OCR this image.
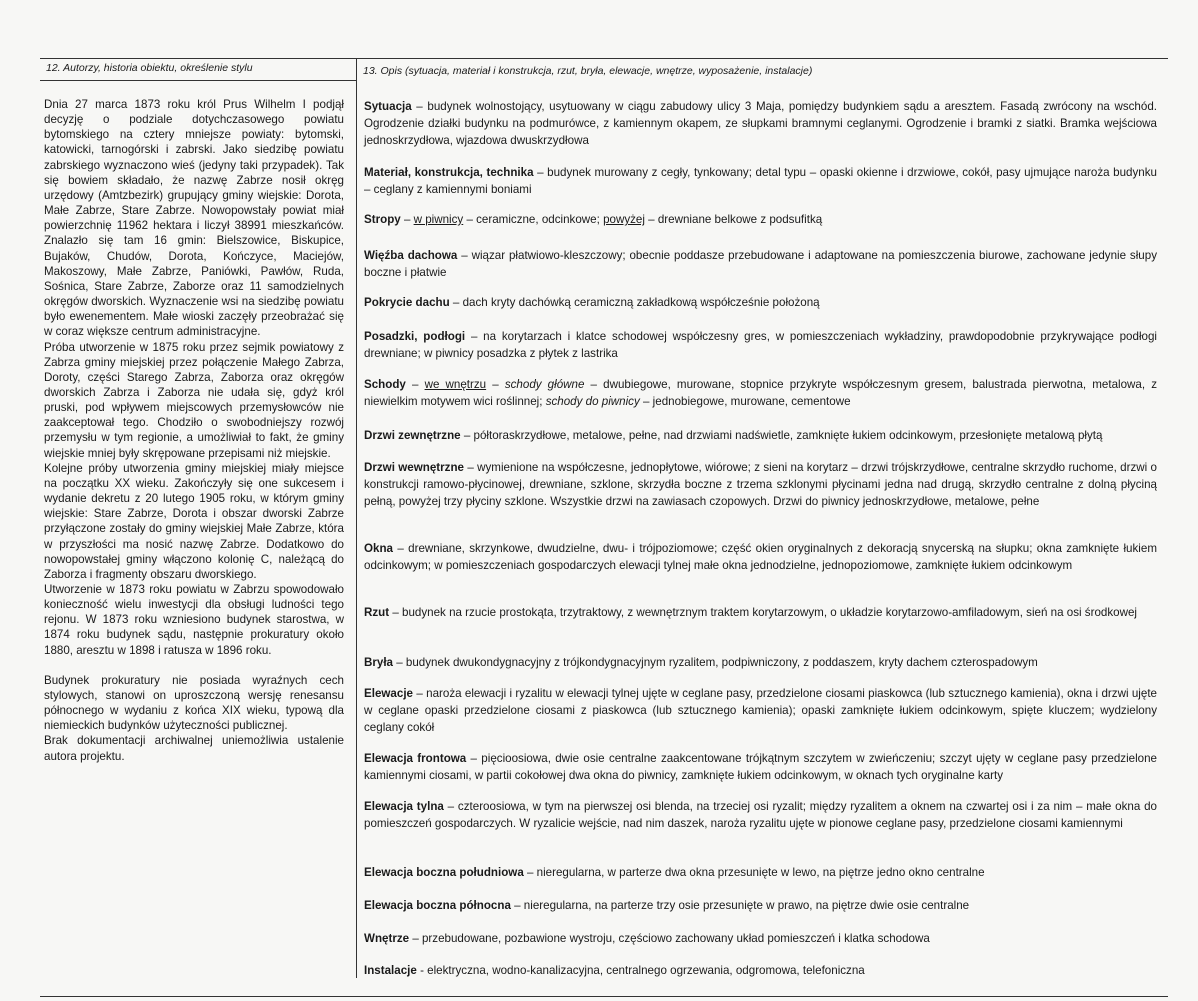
12. Autorzy, historia obiektu, określenie stylu

Dnia 27 marca 1873 roku król Prus Wilhelm I podjął decyzję o podziale dotychczasowego powiatu bytomskiego na cztery mniejsze powiaty: bytomski, katowicki, tarnogórski i zabrski. Jako siedzibę powiatu zabrskiego wyznaczono wieś (jedyny taki przypadek). Tak się bowiem składało, że nazwę Zabrze nosił okręg urzędowy (Amtzbezirk) grupujący gminy wiejskie: Dorota, Małe Zabrze, Stare Zabrze. Nowopowstały powiat miał powierzchnię 11962 hektara i liczył 38991 mieszkańców. Znalazło się tam 16 gmin: Bielszowice, Biskupice, Bujaków, Chudów, Dorota, Kończyce, Maciejów, Makoszowy, Małe Zabrze, Paniówki, Pawłów, Ruda, Sośnica, Stare Zabrze, Zaborze oraz 11 samodzielnych okręgów dworskich. Wyznaczenie wsi na siedzibę powiatu było ewenementem. Małe wioski zaczęły przeobrażać się w coraz większe centrum administracyjne.

Próba utworzenie w 1875 roku przez sejmik powiatowy z Zabrza gminy miejskiej przez połączenie Małego Zabrza, Doroty, części Starego Zabrza, Zaborza oraz okręgów dworskich Zabrza i Zaborza nie udała się, gdyż król pruski, pod wpływem miejscowych przemysłowców nie zaakceptował tego. Chodziło o swobodniejszy rozwój przemysłu w tym regionie, a umożliwiał to fakt, że gminy wiejskie mniej były skrępowane przepisami niż miejskie.

Kolejne próby utworzenia gminy miejskiej miały miejsce na początku XX wieku. Zakończyły się one sukcesem i wydanie dekretu z 20 lutego 1905 roku, w którym gminy wiejskie: Stare Zabrze, Dorota i obszar dworski Zabrze przyłączone zostały do gminy wiejskiej Małe Zabrze, która w przyszłości ma nosić nazwę Zabrze. Dodatkowo do nowopowstałej gminy włączono kolonię C, należącą do Zaborza i fragmenty obszaru dworskiego.

Utworzenie w 1873 roku powiatu w Zabrzu spowodowało konieczność wielu inwestycji dla obsługi ludności tego rejonu. W 1873 roku wzniesiono budynek starostwa, w 1874 roku budynek sądu, następnie prokuratury około 1880, aresztu w 1898 i ratusza w 1896 roku.

Budynek prokuratury nie posiada wyraźnych cech stylowych, stanowi on uproszczoną wersję renesansu północnego w wydaniu z końca XIX wieku, typową dla niemieckich budynków użyteczności publicznej.

Brak dokumentacji archiwalnej uniemożliwia ustalenie autora projektu.

13. Opis (sytuacja, materiał i konstrukcja, rzut, bryła, elewacje, wnętrze, wyposażenie, instalacje)

Sytuacja – budynek wolnostojący, usytuowany w ciągu zabudowy ulicy 3 Maja, pomiędzy budynkiem sądu a aresztem. Fasadą zwrócony na wschód. Ogrodzenie działki budynku na podmurówce, z kamiennym okapem, ze słupkami bramnymi ceglanymi. Ogrodzenie i bramki z siatki. Bramka wejściowa jednoskrzydłowa, wjazdowa dwuskrzydłowa

Materiał, konstrukcja, technika – budynek murowany z cegły, tynkowany; detal typu – opaski okienne i drzwiowe, cokół, pasy ujmujące naroża budynku – ceglany z kamiennymi boniami

Stropy – w piwnicy – ceramiczne, odcinkowe; powyżej – drewniane belkowe z podsufitką

Więźba dachowa – wiązar płatwiowo-kleszczowy; obecnie poddasze przebudowane i adaptowane na pomieszczenia biurowe, zachowane jedynie słupy boczne i płatwie

Pokrycie dachu – dach kryty dachówką ceramiczną zakładkową współcześnie położoną

Posadzki, podłogi – na korytarzach i klatce schodowej współczesny gres, w pomieszczeniach wykładziny, prawdopodobnie przykrywające podłogi drewniane; w piwnicy posadzka z płytek z lastrika

Schody – we wnętrzu – schody główne – dwubiegowe, murowane, stopnice przykryte współczesnym gresem, balustrada pierwotna, metalowa, z niewielkim motywem wici roślinnej; schody do piwnicy – jednobiegowe, murowane, cementowe

Drzwi zewnętrzne – półtoraskrzydłowe, metalowe, pełne, nad drzwiami nadświetle, zamknięte łukiem odcinkowym, przesłonięte metalową płytą

Drzwi wewnętrzne – wymienione na współczesne, jednopłytowe, wiórowe; z sieni na korytarz – drzwi trójskrzydłowe, centralne skrzydło ruchome, drzwi o konstrukcji ramowo-płycinowej, drewniane, szklone, skrzydła boczne z trzema szklonymi płycinami jedna nad drugą, skrzydło centralne z dolną płyciną pełną, powyżej trzy płyciny szklone. Wszystkie drzwi na zawiasach czopowych. Drzwi do piwnicy jednoskrzydłowe, metalowe, pełne

Okna – drewniane, skrzynkowe, dwudzielne, dwu- i trójpoziomowe; część okien oryginalnych z dekoracją snycerską na słupku; okna zamknięte łukiem odcinkowym; w pomieszczeniach gospodarczych elewacji tylnej małe okna jednodzielne, jednopoziomowe, zamknięte łukiem odcinkowym

Rzut – budynek na rzucie prostokąta, trzytraktowy, z wewnętrznym traktem korytarzowym, o układzie korytarzowo-amfiladowym, sień na osi środkowej

Bryła – budynek dwukondygnacyjny z trójkondygnacyjnym ryzalitem, podpiwniczony, z poddaszem, kryty dachem czterospadowym

Elewacje – naroża elewacji i ryzalitu w elewacji tylnej ujęte w ceglane pasy, przedzielone ciosami piaskowca (lub sztucznego kamienia), okna i drzwi ujęte w ceglane opaski przedzielone ciosami z piaskowca (lub sztucznego kamienia); opaski zamknięte łukiem odcinkowym, spięte kluczem; wydzielony ceglany cokół

Elewacja frontowa – pięcioosiowa, dwie osie centralne zaakcentowane trójkątnym szczytem w zwieńczeniu; szczyt ujęty w ceglane pasy przedzielone kamiennymi ciosami, w partii cokołowej dwa okna do piwnicy, zamknięte łukiem odcinkowym, w oknach tych oryginalne karty

Elewacja tylna – czteroosiowa, w tym na pierwszej osi blenda, na trzeciej osi ryzalit; między ryzalitem a oknem na czwartej osi i za nim – małe okna do pomieszczeń gospodarczych. W ryzalicie wejście, nad nim daszek, naroża ryzalitu ujęte w pionowe ceglane pasy, przedzielone ciosami kamiennymi

Elewacja boczna południowa – nieregularna, w parterze dwa okna przesunięte w lewo, na piętrze jedno okno centralne

Elewacja boczna północna – nieregularna, na parterze trzy osie przesunięte w prawo, na piętrze dwie osie centralne

Wnętrze – przebudowane, pozbawione wystroju, częściowo zachowany układ pomieszczeń i klatka schodowa

Instalacje - elektryczna, wodno-kanalizacyjna, centralnego ogrzewania, odgromowa, telefoniczna
